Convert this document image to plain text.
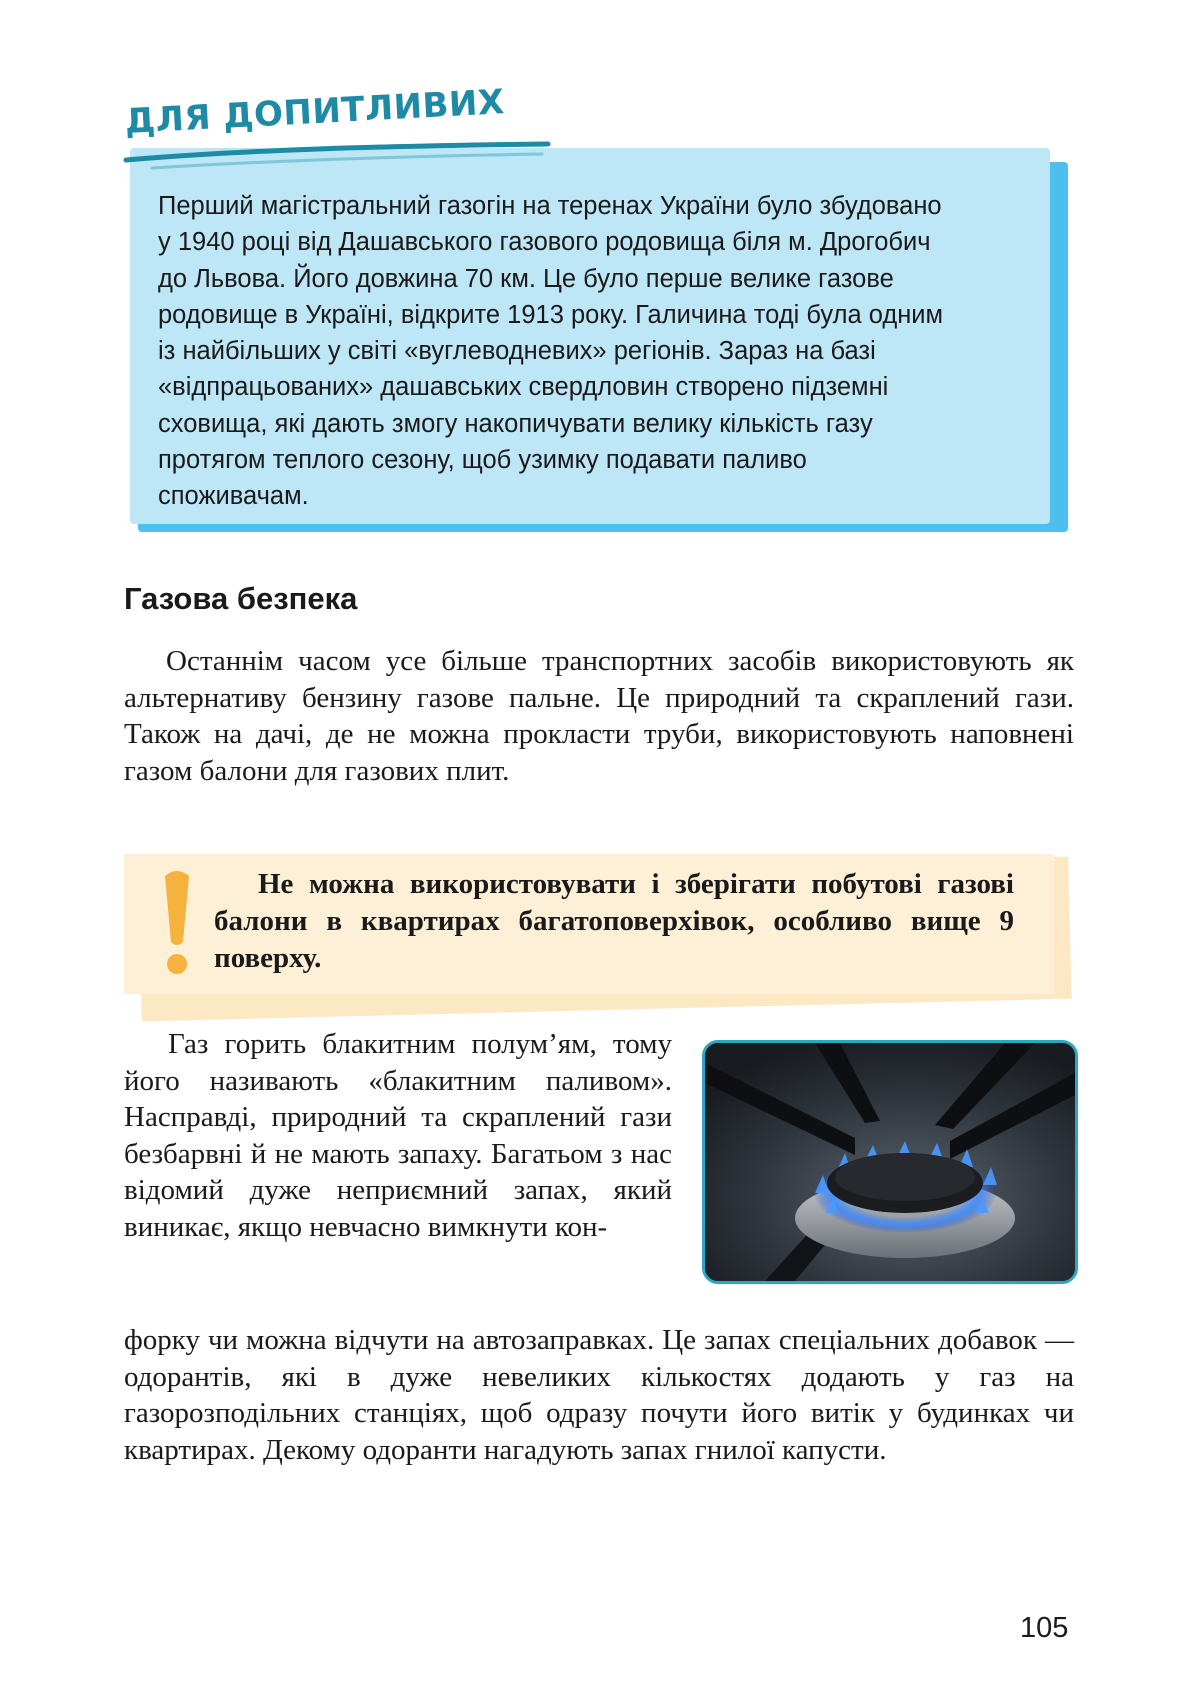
ДЛЯ ДОПИТЛИВИХ
Перший магістральний газогін на теренах України було збудовано
у 1940 році від Дашавського газового родовища біля м. Дрогобич
до Львова. Його довжина 70 км. Це було перше велике газове
родовище в Україні, відкрите 1913 року. Галичина тоді була одним
із найбільших у світі «вуглеводневих» регіонів. Зараз на базі
«відпрацьованих» дашавських свердловин створено підземні
сховища, які дають змогу накопичувати велику кількість газу
протягом теплого сезону, щоб узимку подавати паливо
споживачам.
Газова безпека

Останнім часом усе більше транспортних засобів використовують як альтернативу бензину газове пальне. Це природний та скраплений гази. Також на дачі, де не можна прокласти труби, використовують наповнені газом балони для газових плит.

Не можна використовувати і зберігати побутові газові балони в квартирах багатоповерхівок, особливо вище 9 поверху.

Газ горить блакитним полум’ям, тому його називають «блакитним паливом». Насправді, природний та скраплений гази безбарвні й не мають запаху. Багатьом з нас відомий дуже неприємний запах, який виникає, якщо невчасно вимкнути кон-

форку чи можна відчути на автозаправках. Це запах спеціальних добавок — одорантів, які в дуже невеликих кількостях додають у газ на газорозподільних станціях, щоб одразу почути його витік у будинках чи квартирах. Декому одоранти нагадують запах гнилої капусти.

105
